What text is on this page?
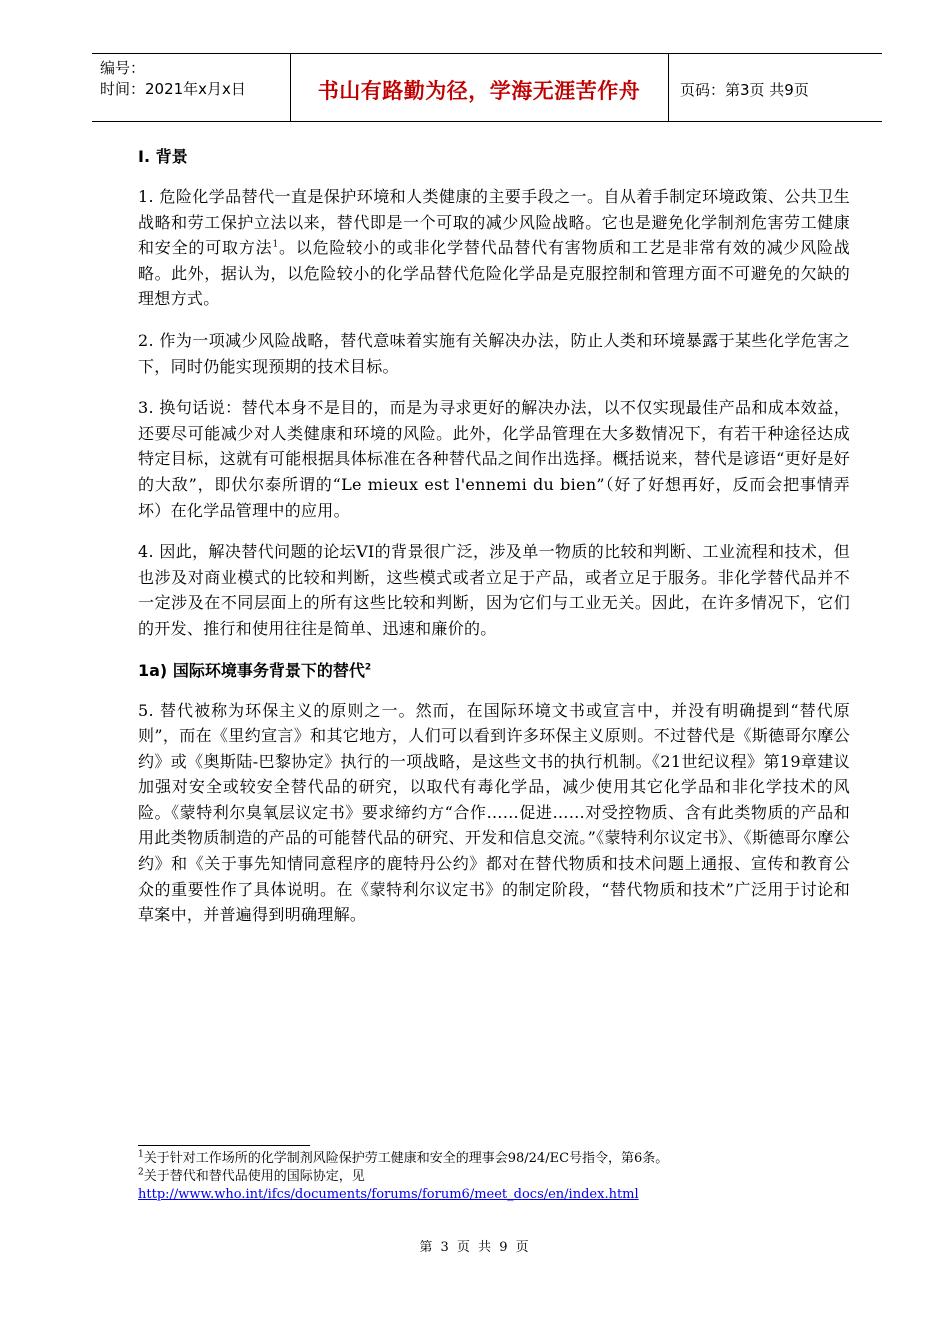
编号：
时间：2021年x月x日	书山有路勤为径，学海无涯苦作舟	页码：第3页 共9页
I. 背景

1. 危险化学品替代一直是保护环境和人类健康的主要手段之一。自从着手制定环境政策、公共卫生战略和劳工保护立法以来，替代即是一个可取的减少风险战略。它也是避免化学制剂危害劳工健康和安全的可取方法$^1$。以危险较小的或非化学替代品替代有害物质和工艺是非常有效的减少风险战略。此外，据认为，以危险较小的化学品替代危险化学品是克服控制和管理方面不可避免的欠缺的理想方式。

2. 作为一项减少风险战略，替代意味着实施有关解决办法，防止人类和环境暴露于某些化学危害之下，同时仍能实现预期的技术目标。

3. 换句话说：替代本身不是目的，而是为寻求更好的解决办法，以不仅实现最佳产品和成本效益，还要尽可能减少对人类健康和环境的风险。此外，化学品管理在大多数情况下，有若干种途径达成特定目标，这就有可能根据具体标准在各种替代品之间作出选择。概括说来，替代是谚语“更好是好的大敌”，即伏尔泰所谓的“Le mieux est l'ennemi du bien”（好了好想再好，反而会把事情弄坏）在化学品管理中的应用。

4. 因此，解决替代问题的论坛VI的背景很广泛，涉及单一物质的比较和判断、工业流程和技术，但也涉及对商业模式的比较和判断，这些模式或者立足于产品，或者立足于服务。非化学替代品并不一定涉及在不同层面上的所有这些比较和判断，因为它们与工业无关。因此，在许多情况下，它们的开发、推行和使用往往是简单、迅速和廉价的。

1a) 国际环境事务背景下的替代$^2$

5. 替代被称为环保主义的原则之一。然而，在国际环境文书或宣言中，并没有明确提到“替代原则”，而在《里约宣言》和其它地方，人们可以看到许多环保主义原则。不过替代是《斯德哥尔摩公约》或《奥斯陆-巴黎协定》执行的一项战略，是这些文书的执行机制。《21世纪议程》第19章建议加强对安全或较安全替代品的研究，以取代有毒化学品，减少使用其它化学品和非化学技术的风险。《蒙特利尔臭氧层议定书》要求缔约方“合作……促进……对受控物质、含有此类物质的产品和用此类物质制造的产品的可能替代品的研究、开发和信息交流。”《蒙特利尔议定书》、《斯德哥尔摩公约》和《关于事先知情同意程序的鹿特丹公约》都对在替代物质和技术问题上通报、宣传和教育公众的重要性作了具体说明。在《蒙特利尔议定书》的制定阶段，“替代物质和技术”广泛用于讨论和草案中，并普遍得到明确理解。

$^1$关于针对工作场所的化学制剂风险保护劳工健康和安全的理事会98/24/EC号指令，第6条。
$^2$关于替代和替代品使用的国际协定，见http://www.who.int/ifcs/documents/forums/forum6/meet_docs/en/index.html
第 3 页 共 9 页
